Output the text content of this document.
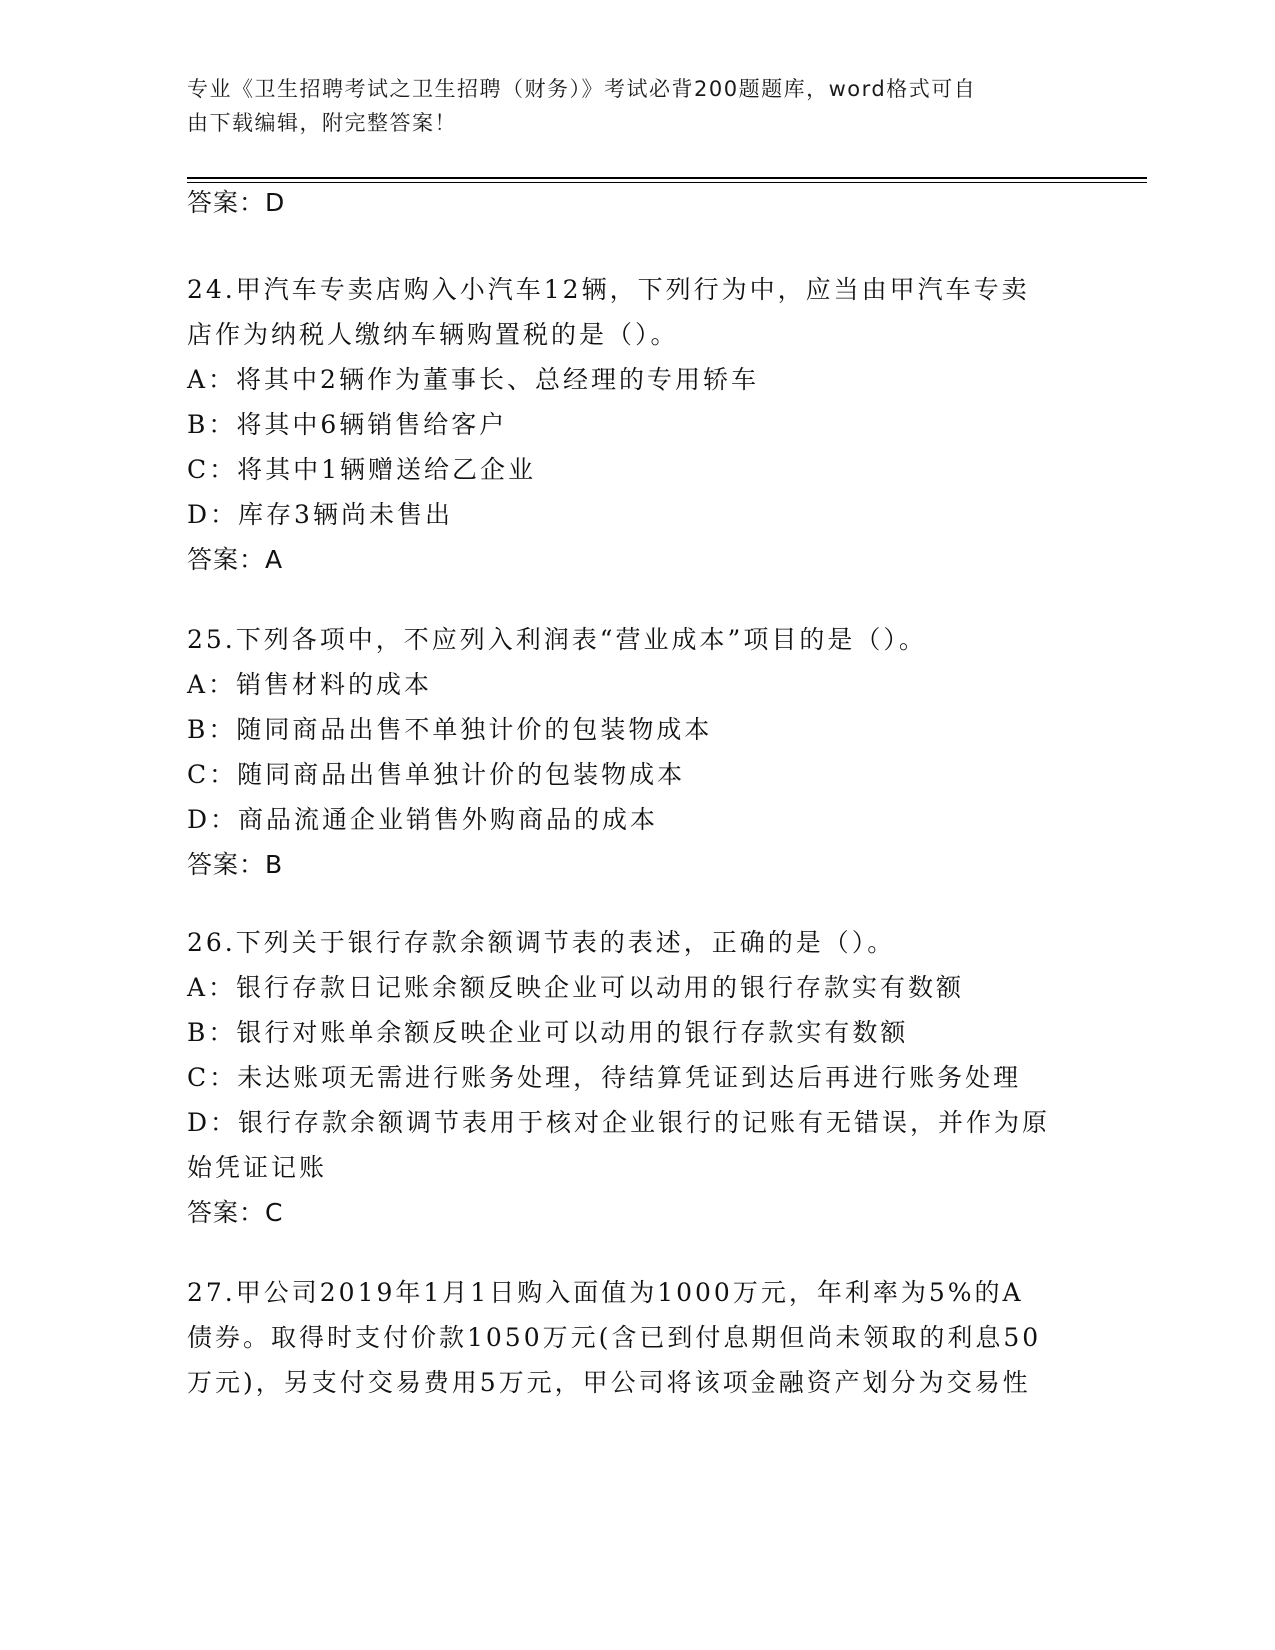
专业《卫生招聘考试之卫生招聘（财务）》考试必背200题题库，word格式可自
由下载编辑，附完整答案！
答案：D
24.甲汽车专卖店购入小汽车12辆，下列行为中，应当由甲汽车专卖
店作为纳税人缴纳车辆购置税的是（）。
A：将其中2辆作为董事长、总经理的专用轿车
B：将其中6辆销售给客户
C：将其中1辆赠送给乙企业
D：库存3辆尚未售出
答案：A
25.下列各项中，不应列入利润表“营业成本”项目的是（）。
A：销售材料的成本
B：随同商品出售不单独计价的包装物成本
C：随同商品出售单独计价的包装物成本
D：商品流通企业销售外购商品的成本
答案：B
26.下列关于银行存款余额调节表的表述，正确的是（）。
A：银行存款日记账余额反映企业可以动用的银行存款实有数额
B：银行对账单余额反映企业可以动用的银行存款实有数额
C：未达账项无需进行账务处理，待结算凭证到达后再进行账务处理
D：银行存款余额调节表用于核对企业银行的记账有无错误，并作为原
始凭证记账
答案：C
27.甲公司2019年1月1日购入面值为1000万元，年利率为5%的A
债券。取得时支付价款1050万元(含已到付息期但尚未领取的利息50
万元)，另支付交易费用5万元，甲公司将该项金融资产划分为交易性
